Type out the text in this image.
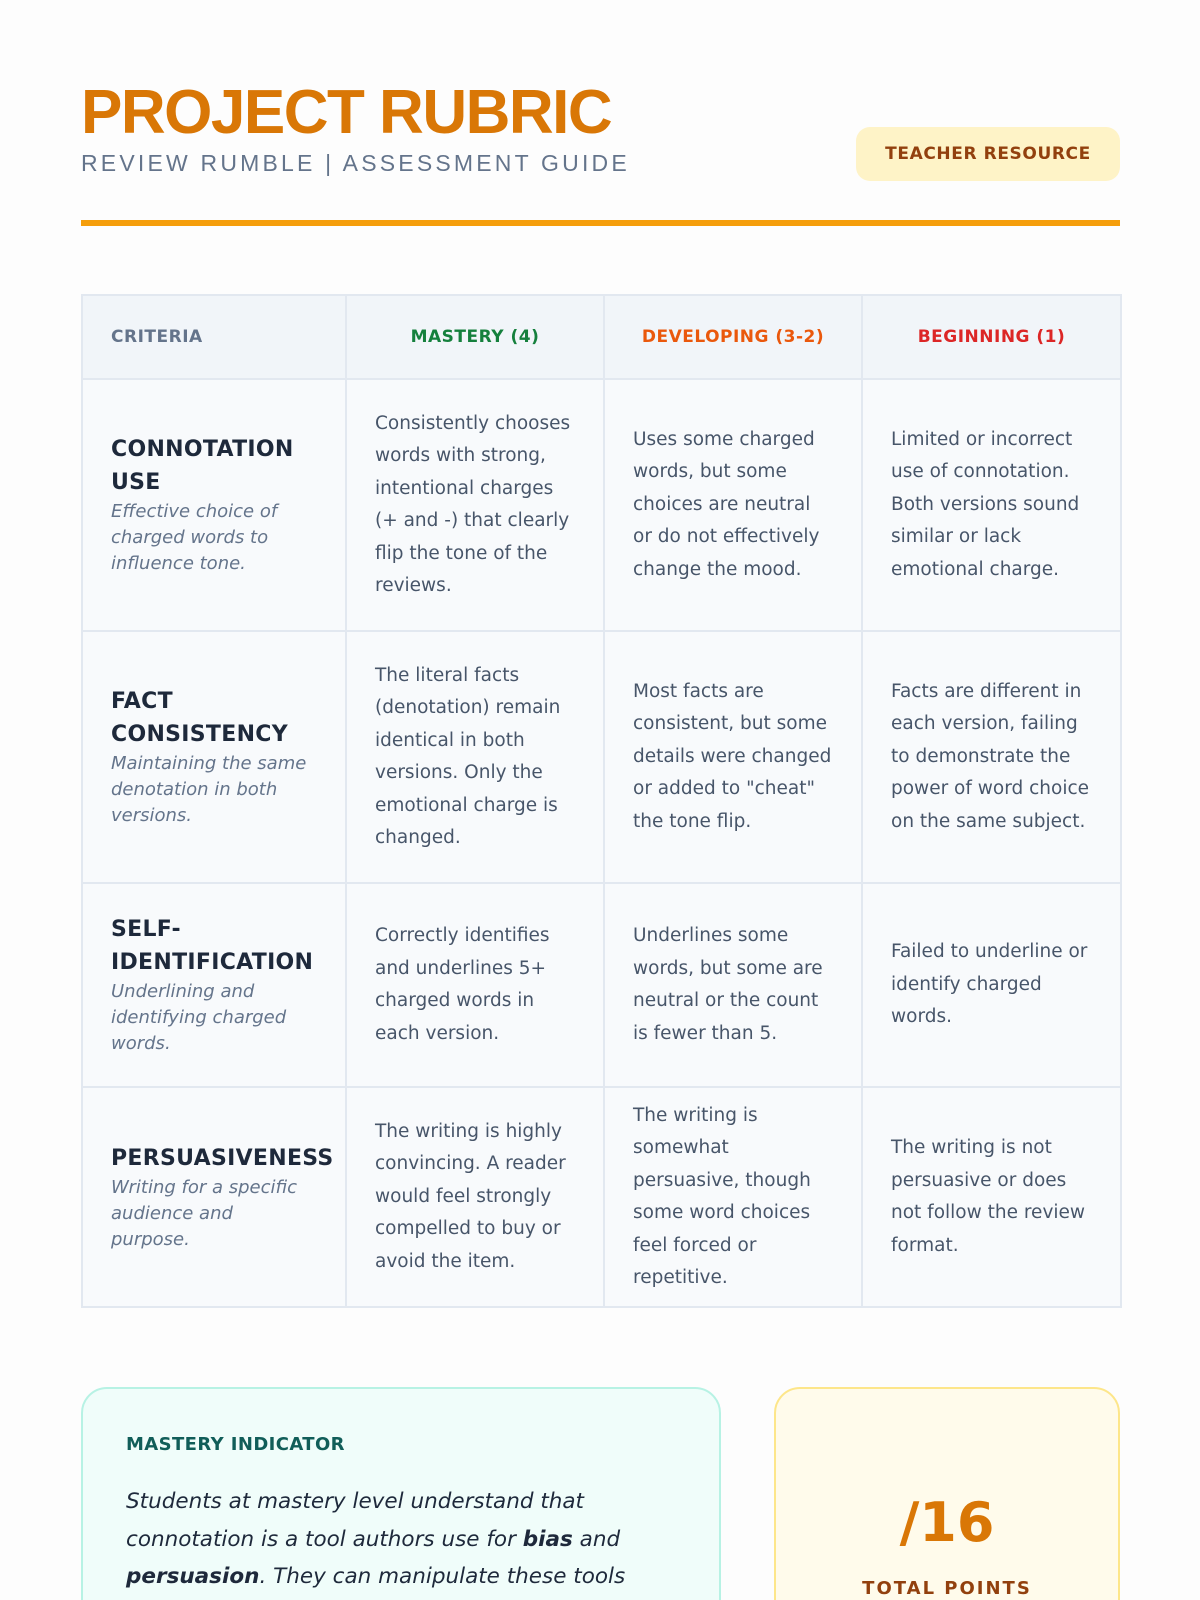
PROJECT RUBRIC
REVIEW RUMBLE | ASSESSMENT GUIDE	TEACHER RESOURCE
CRITERIA	MASTERY (4)	DEVELOPING (3-2)	BEGINNING (1)

CONNOTATION USE
Effective choice of charged words to influence tone.	Consistently chooses words with strong, intentional charges (+ and -) that clearly flip the tone of the reviews.	Uses some charged words, but some choices are neutral or do not effectively change the mood.	Limited or incorrect use of connotation. Both versions sound similar or lack emotional charge.

FACT CONSISTENCY
Maintaining the same denotation in both versions.	The literal facts (denotation) remain identical in both versions. Only the emotional charge is changed.	Most facts are consistent, but some details were changed or added to "cheat" the tone flip.	Facts are different in each version, failing to demonstrate the power of word choice on the same subject.

SELF-IDENTIFICATION
Underlining and identifying charged words.	Correctly identifies and underlines 5+ charged words in each version.	Underlines some words, but some are neutral or the count is fewer than 5.	Failed to underline or identify charged words.

PERSUASIVENESS
Writing for a specific audience and purpose.	The writing is highly convincing. A reader would feel strongly compelled to buy or avoid the item.	The writing is somewhat persuasive, though some word choices feel forced or repetitive.	The writing is not persuasive or does not follow the review format.
MASTERY INDICATOR

Students at mastery level understand that connotation is a tool authors use for bias and persuasion. They can manipulate these tools

/16
TOTAL POINTS
